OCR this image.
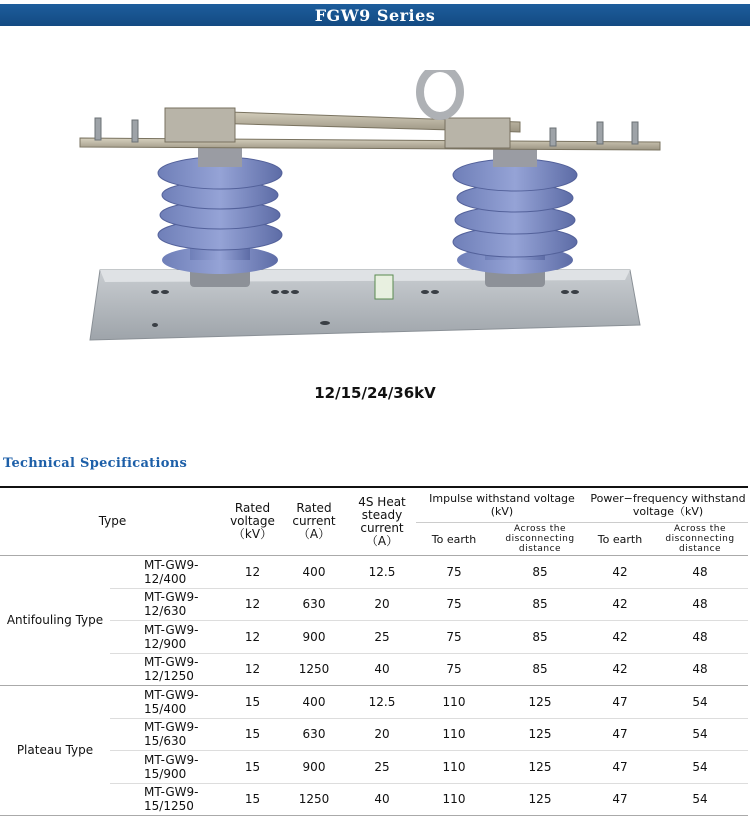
FGW9 Series
12/15/24/36kV
Technical Specifications
Type		Rated voltage（kV）	Rated current（A）	4S Heat steady current（A）	Impulse withstand voltage (kV)		Power−frequency withstand voltage（kV)	
					To earth	Across the disconnecting distance	To earth	Across the disconnecting distance
Antifouling Type	MT-GW9-12/400	12	400	12.5	75	85	42	48
	MT-GW9-12/630	12	630	20	75	85	42	48
	MT-GW9-12/900	12	900	25	75	85	42	48
	MT-GW9-12/1250	12	1250	40	75	85	42	48
Plateau Type	MT-GW9-15/400	15	400	12.5	110	125	47	54
	MT-GW9-15/630	15	630	20	110	125	47	54
	MT-GW9-15/900	15	900	25	110	125	47	54
	MT-GW9-15/1250	15	1250	40	110	125	47	54
